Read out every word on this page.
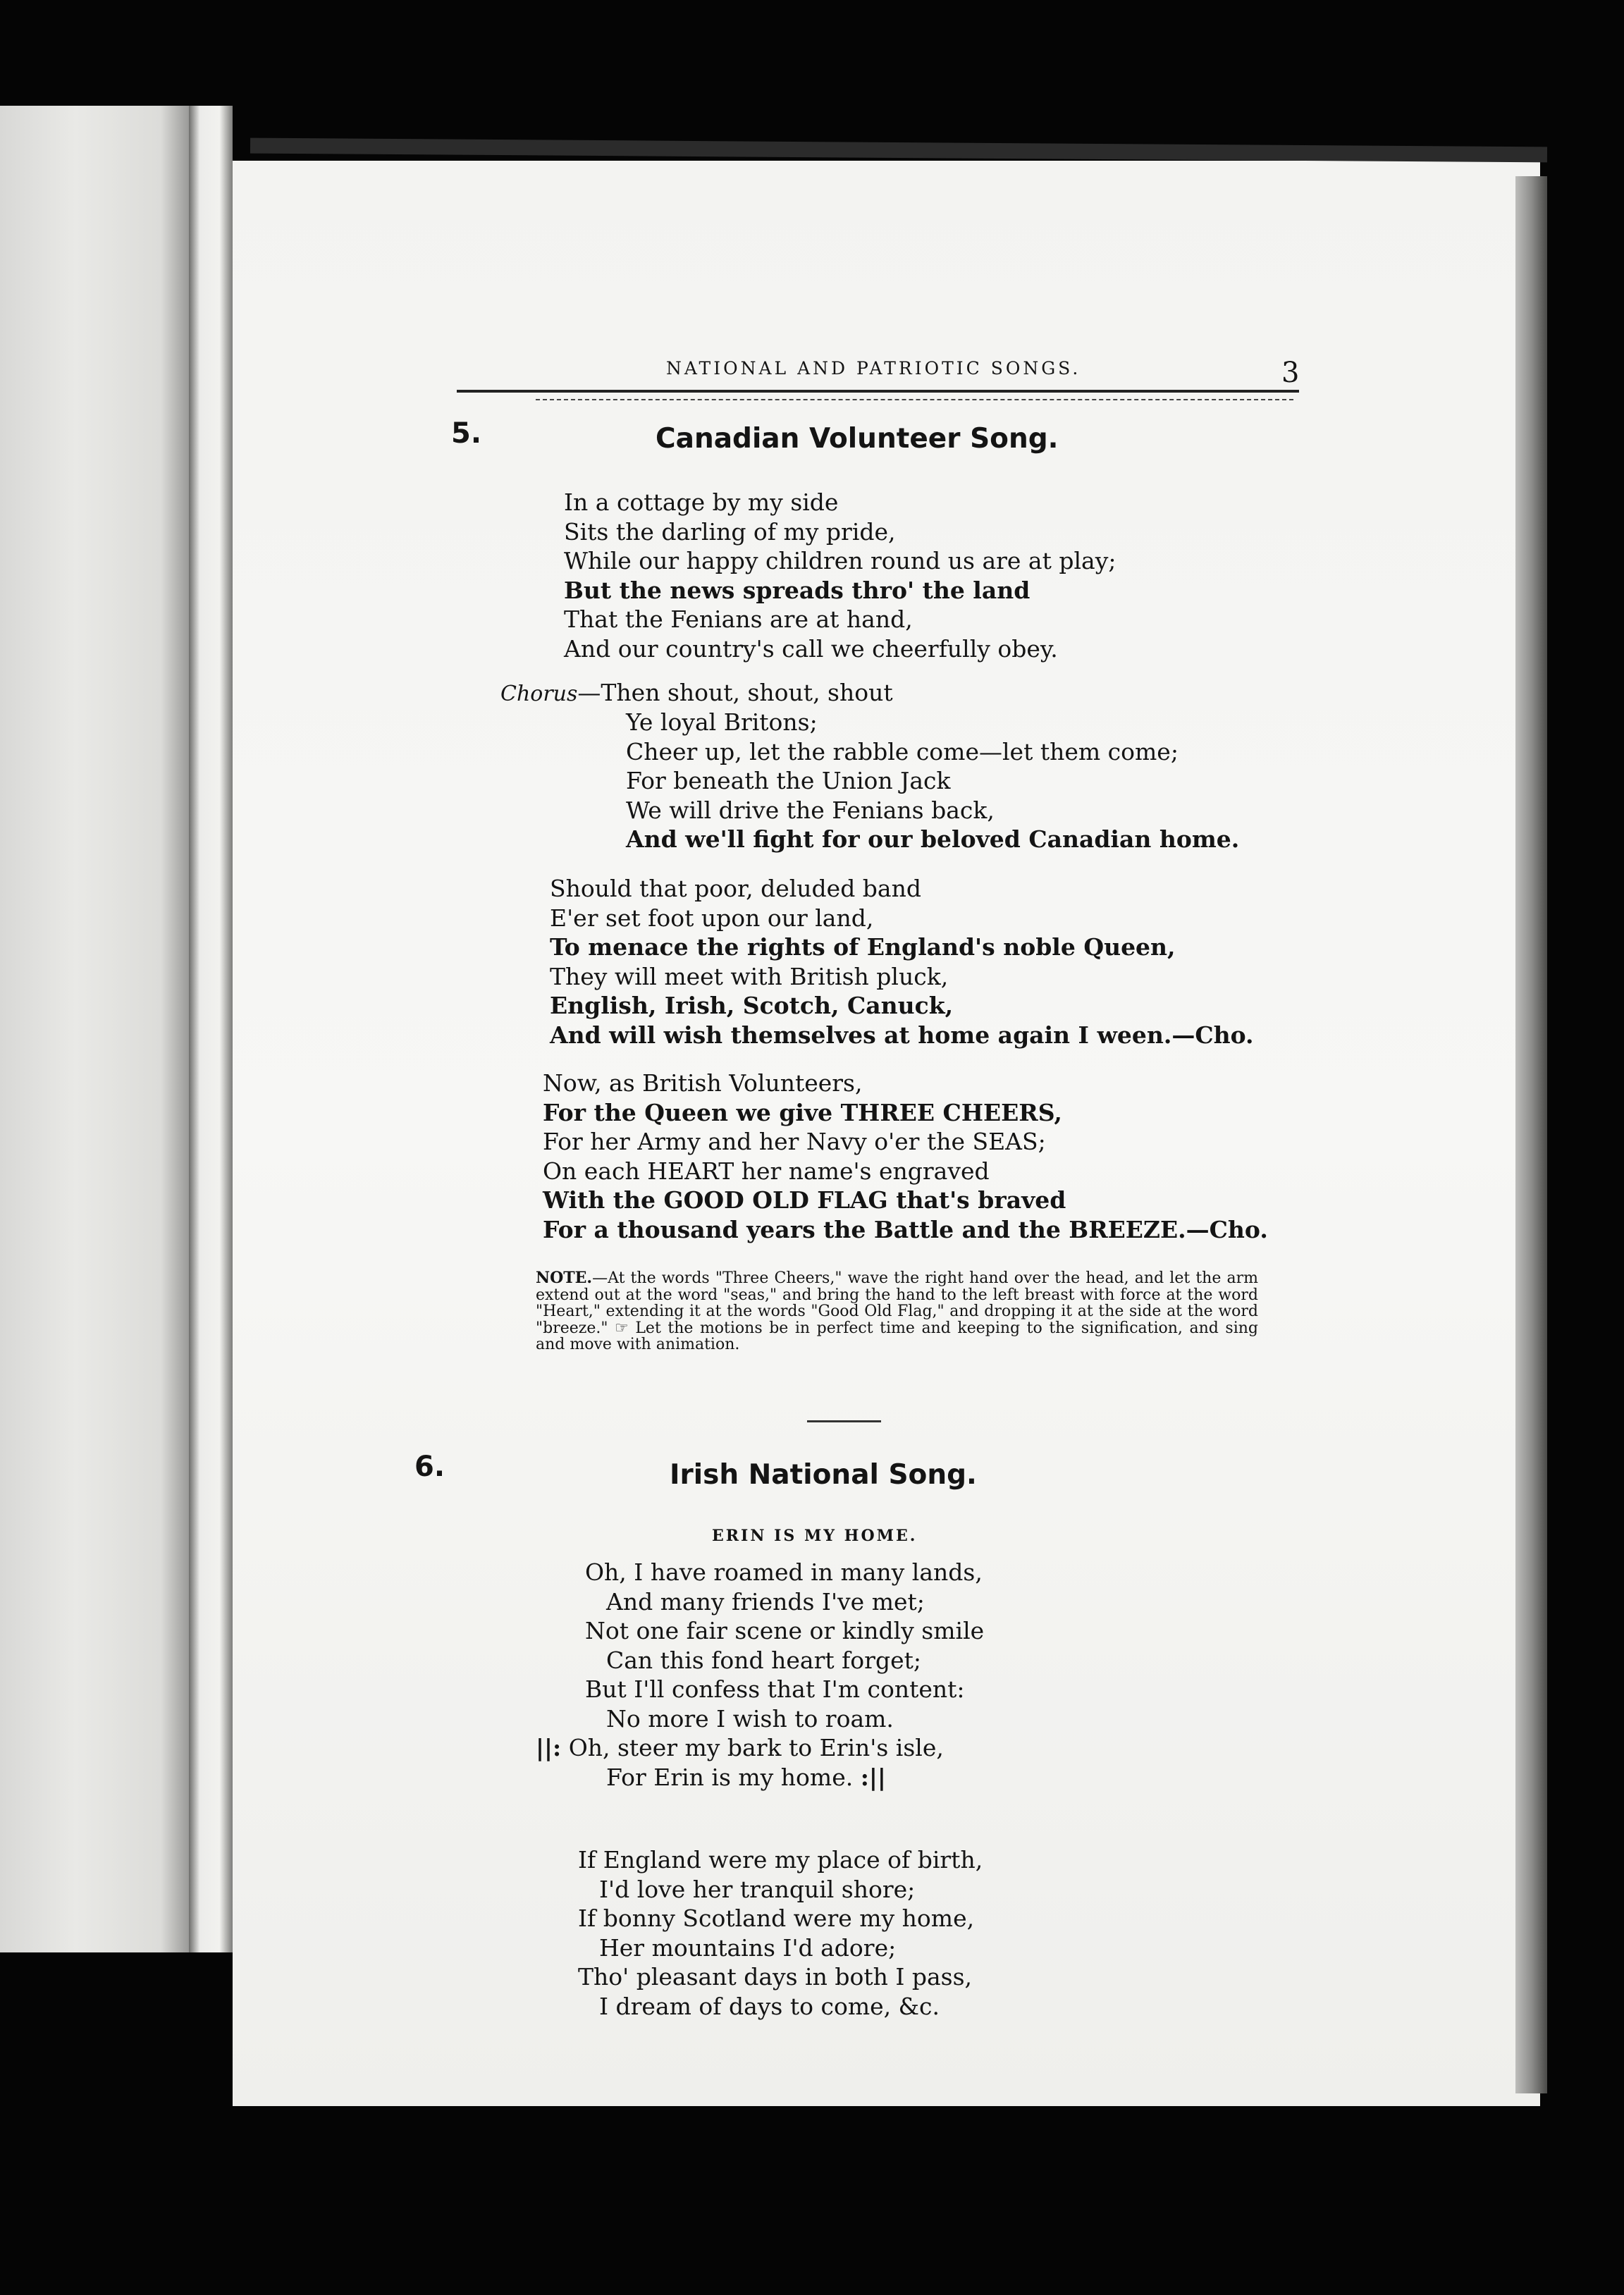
NATIONAL AND PATRIOTIC SONGS.	3
5.	Canadian Volunteer Song.
In a cottage by my side
Sits the darling of my pride,
While our happy children round us are at play;
But the news spreads thro' the land
That the Fenians are at hand,
And our country's call we cheerfully obey.
Chorus—Then shout, shout, shout
Ye loyal Britons;
Cheer up, let the rabble come—let them come;
For beneath the Union Jack
We will drive the Fenians back,
And we'll fight for our beloved Canadian home.
Should that poor, deluded band
E'er set foot upon our land,
To menace the rights of England's noble Queen,
They will meet with British pluck,
English, Irish, Scotch, Canuck,
And will wish themselves at home again I ween.—Cho.
Now, as British Volunteers,
For the Queen we give THREE CHEERS,
For her Army and her Navy o'er the SEAS;
On each HEART her name's engraved
With the GOOD OLD FLAG that's braved
For a thousand years the Battle and the BREEZE.—Cho.
NOTE.—At the words "Three Cheers," wave the right hand over the head, and let the arm extend out at the word "seas," and bring the hand to the left breast with force at the word "Heart," extending it at the words "Good Old Flag," and dropping it at the side at the word "breeze." ☞ Let the motions be in perfect time and keeping to the signification, and sing and move with animation.
6.	Irish National Song.
ERIN IS MY HOME.
Oh, I have roamed in many lands,
And many friends I've met;
Not one fair scene or kindly smile
Can this fond heart forget;
But I'll confess that I'm content:
No more I wish to roam.
||: Oh, steer my bark to Erin's isle,
For Erin is my home. :||
If England were my place of birth,
I'd love her tranquil shore;
If bonny Scotland were my home,
Her mountains I'd adore;
Tho' pleasant days in both I pass,
I dream of days to come, &c.
